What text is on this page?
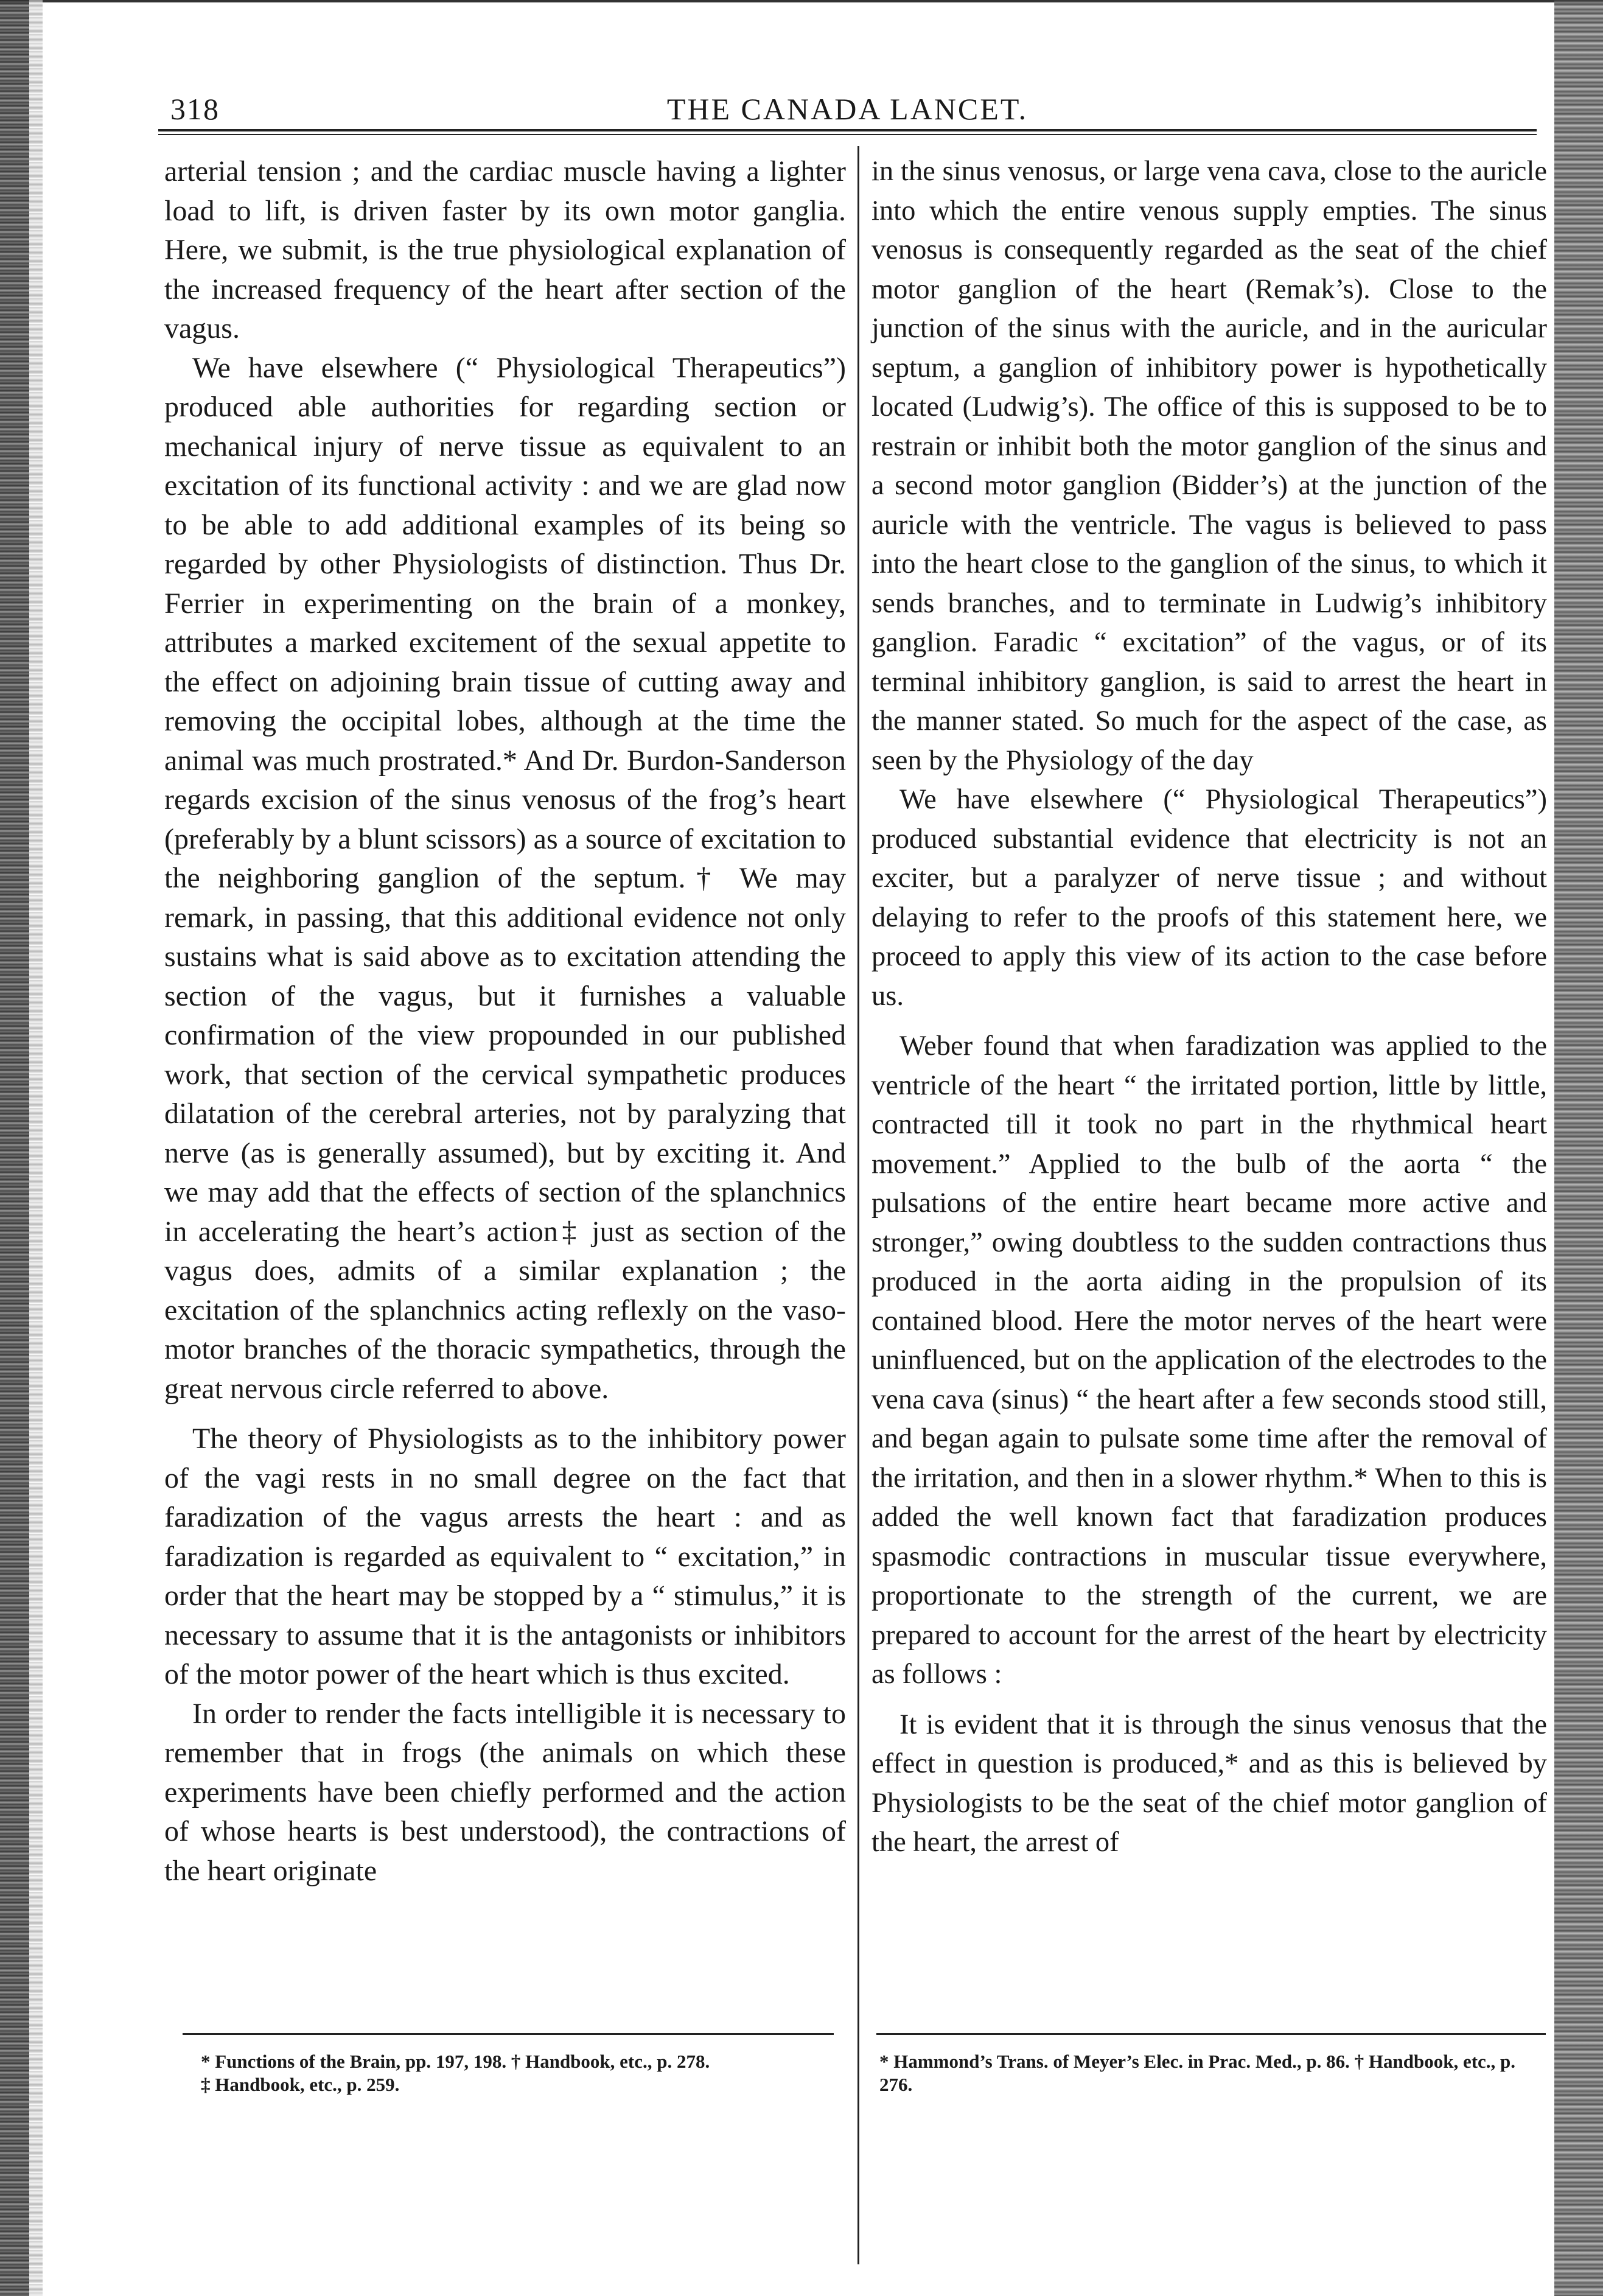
318	THE CANADA LANCET.

arterial tension ; and the cardiac muscle having a lighter load to lift, is driven faster by its own motor ganglia. Here, we submit, is the true physiological explanation of the increased frequency of the heart after section of the vagus.

We have elsewhere (“ Physiological Therapeutics”) produced able authorities for regarding section or mechanical injury of nerve tissue as equivalent to an excitation of its functional activity : and we are glad now to be able to add additional examples of its being so regarded by other Physiologists of distinction. Thus Dr. Ferrier in experimenting on the brain of a monkey, attributes a marked excitement of the sexual appetite to the effect on adjoining brain tissue of cutting away and removing the occipital lobes, although at the time the animal was much prostrated.* And Dr. Burdon-Sanderson regards excision of the sinus venosus of the frog’s heart (preferably by a blunt scissors) as a source of excitation to the neighboring ganglion of the septum.† We may remark, in passing, that this additional evidence not only sustains what is said above as to excitation attending the section of the vagus, but it furnishes a valuable confirmation of the view propounded in our published work, that section of the cervical sympathetic produces dilatation of the cerebral arteries, not by paralyzing that nerve (as is generally assumed), but by exciting it. And we may add that the effects of section of the splanchnics in accelerating the heart’s action‡ just as section of the vagus does, admits of a similar explanation ; the excitation of the splanchnics acting reflexly on the vaso-motor branches of the thoracic sympathetics, through the great nervous circle referred to above.

The theory of Physiologists as to the inhibitory power of the vagi rests in no small degree on the fact that faradization of the vagus arrests the heart : and as faradization is regarded as equivalent to “ excitation,” in order that the heart may be stopped by a “ stimulus,” it is necessary to assume that it is the antagonists or inhibitors of the motor power of the heart which is thus excited.

In order to render the facts intelligible it is necessary to remember that in frogs (the animals on which these experiments have been chiefly performed and the action of whose hearts is best understood), the contractions of the heart originate

in the sinus venosus, or large vena cava, close to the auricle into which the entire venous supply empties. The sinus venosus is consequently regarded as the seat of the chief motor ganglion of the heart (Remak’s). Close to the junction of the sinus with the auricle, and in the auricular septum, a ganglion of inhibitory power is hypothetically located (Ludwig’s). The office of this is supposed to be to restrain or inhibit both the motor ganglion of the sinus and a second motor ganglion (Bidder’s) at the junction of the auricle with the ventricle. The vagus is believed to pass into the heart close to the ganglion of the sinus, to which it sends branches, and to terminate in Ludwig’s inhibitory ganglion. Faradic “ excitation” of the vagus, or of its terminal inhibitory ganglion, is said to arrest the heart in the manner stated. So much for the aspect of the case, as seen by the Physiology of the day

We have elsewhere (“ Physiological Therapeutics”) produced substantial evidence that electricity is not an exciter, but a paralyzer of nerve tissue ; and without delaying to refer to the proofs of this statement here, we proceed to apply this view of its action to the case before us.

Weber found that when faradization was applied to the ventricle of the heart “ the irritated portion, little by little, contracted till it took no part in the rhythmical heart movement.” Applied to the bulb of the aorta “ the pulsations of the entire heart became more active and stronger,” owing doubtless to the sudden contractions thus produced in the aorta aiding in the propulsion of its contained blood. Here the motor nerves of the heart were uninfluenced, but on the application of the electrodes to the vena cava (sinus) “ the heart after a few seconds stood still, and began again to pulsate some time after the removal of the irritation, and then in a slower rhythm.* When to this is added the well known fact that faradization produces spasmodic contractions in muscular tissue everywhere, proportionate to the strength of the current, we are prepared to account for the arrest of the heart by electricity as follows :

It is evident that it is through the sinus venosus that the effect in question is produced,* and as this is believed by Physiologists to be the seat of the chief motor ganglion of the heart, the arrest of

* Functions of the Brain, pp. 197, 198. † Handbook, etc., p. 278.

‡ Handbook, etc., p. 259.

* Hammond’s Trans. of Meyer’s Elec. in Prac. Med., p. 86. † Handbook, etc., p. 276.
